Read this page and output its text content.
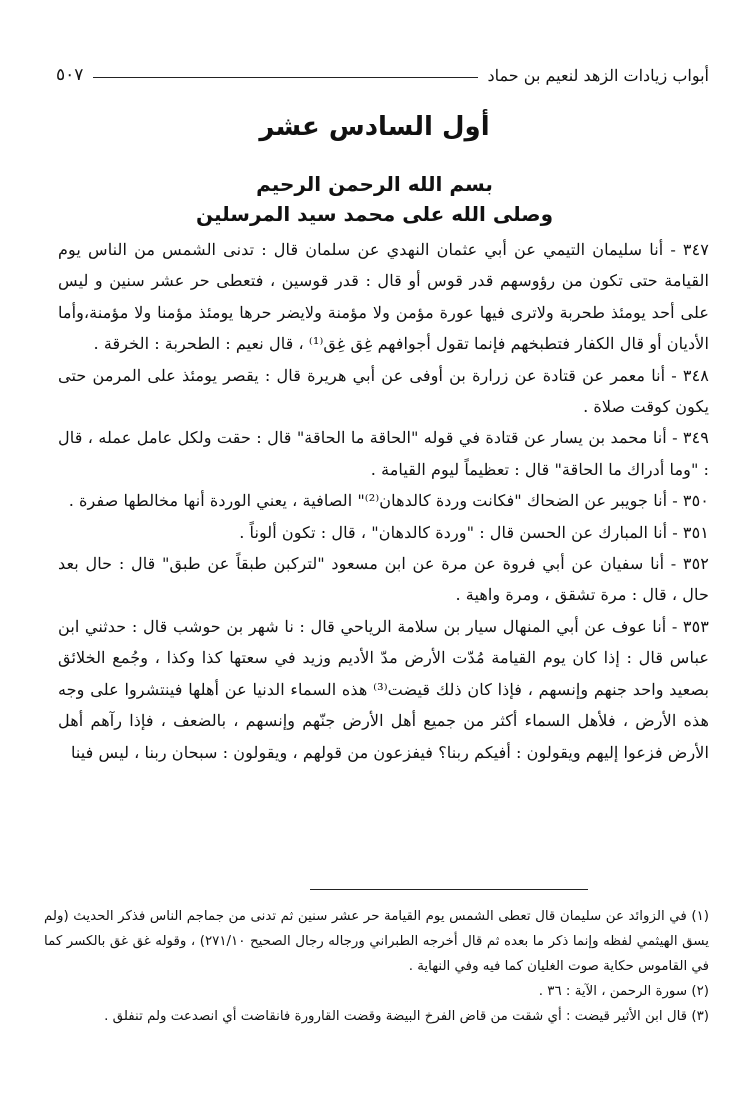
أبواب زيادات الزهد لنعيم بن حماد
٥٠٧
أول السادس عشر
بسم الله الرحمن الرحيم
وصلى الله على محمد سيد المرسلين

٣٤٧ - أنا سليمان التيمي عن أبي عثمان النهدي عن سلمان قال : تدنى الشمس من الناس يوم القيامة حتى تكون من رؤوسهم قدر قوس أو قال : قدر قوسين ، فتعطى حر عشر سنين و ليس على أحد يومئذ طحربة ولاترى فيها عورة مؤمن ولا مؤمنة ولايضر حرها يومئذ مؤمنا ولا مؤمنة،وأما الأديان أو قال الكفار فتطبخهم فإنما تقول أجوافهم غِق غِق⁽¹⁾ ، قال نعيم : الطحربة : الخرقة .

٣٤٨ - أنا معمر عن قتادة عن زرارة بن أوفى عن أبي هريرة قال : يقصر يومئذ على المرمن حتى يكون كوقت صلاة .

٣٤٩ - أنا محمد بن يسار عن قتادة في قوله "الحاقة ما الحاقة" قال : حقت ولكل عامل عمله ، قال : "وما أدراك ما الحاقة" قال : تعظيماً ليوم القيامة .

٣٥٠ - أنا جويبر عن الضحاك "فكانت وردة كالدهان⁽²⁾" الصافية ، يعني الوردة أنها مخالطها صفرة .

٣٥١ - أنا المبارك عن الحسن قال : "وردة كالدهان" ، قال : تكون ألوناً .

٣٥٢ - أنا سفيان عن أبي فروة عن مرة عن ابن مسعود "لتركبن طبقاً عن طبق" قال : حال بعد حال ، قال : مرة تشقق ، ومرة واهية .

٣٥٣ - أنا عوف عن أبي المنهال سيار بن سلامة الرياحي قال : نا شهر بن حوشب قال : حدثني ابن عباس قال : إذا كان يوم القيامة مُدّت الأرض مدّ الأديم وزيد في سعتها كذا وكذا ، وجُمع الخلائق بصعيد واحد جنهم وإنسهم ، فإذا كان ذلك قيضت⁽³⁾ هذه السماء الدنيا عن أهلها فينتشروا على وجه هذه الأرض ، فلأهل السماء أكثر من جميع أهل الأرض جنّهم وإنسهم ، بالضعف ، فإذا رآهم أهل الأرض فزعوا إليهم ويقولون : أفيكم ربنا؟ فيفزعون من قولهم ، ويقولون : سبحان ربنا ، ليس فينا

(١) في الزوائد عن سليمان قال تعطى الشمس يوم القيامة حر عشر سنين ثم تدنى من جماجم الناس فذكر الحديث (ولم يسق الهيثمي لفظه وإنما ذكر ما بعده ثم قال أخرجه الطبراني ورجاله رجال الصحيح ٢٧١/١٠) ، وقوله غق غق بالكسر كما في القاموس حكاية صوت الغليان كما فيه وفي النهاية .

(٢) سورة الرحمن ، الآية : ٣٦ .

(٣) قال ابن الأثير قيضت : أي شقت من قاض الفرخ البيضة وقضت القارورة فانقاضت أي انصدعت ولم تنفلق .
